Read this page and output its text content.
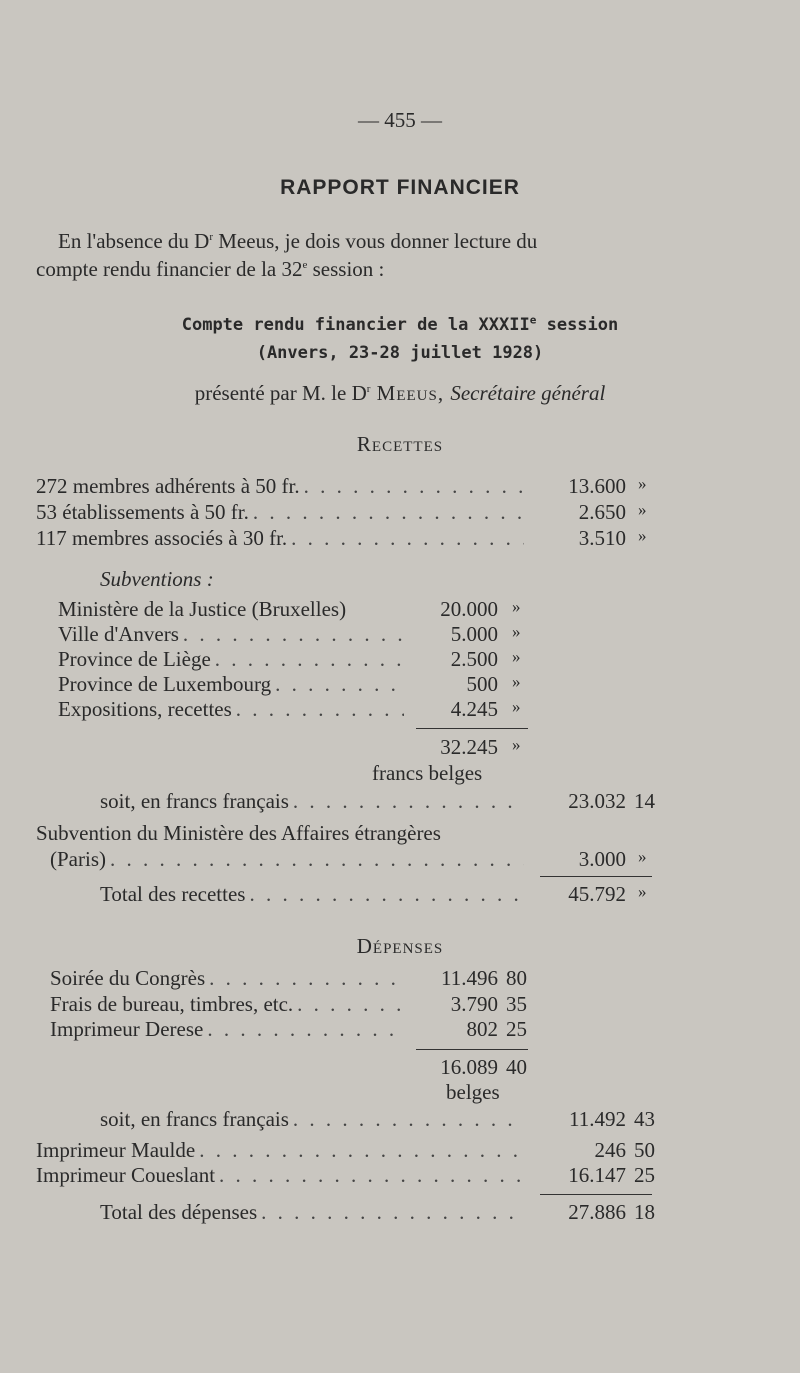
— 455 —
RAPPORT FINANCIER
En l'absence du $D^r$ Meeus, je dois vous donner lecture du
compte rendu financier de la 32e session :
Compte rendu financier de la XXXIIe session
(Anvers, 23-28 juillet 1928)
présenté par M. le $D^r$ Meeus, Secrétaire général
Recettes
272 membres adhérents à 50 fr. . . .	13.600 »
53 établissements à 50 fr. . . .	2.650 »
117 membres associés à 30 fr. . . .	3.510 »
Subventions :
Ministère de la Justice (Bruxelles)	20.000 »
Ville d'Anvers . . .	5.000 »
Province de Liège . . .	2.500 »
Province de Luxembourg . . .	500 »
Expositions, recettes . . .	4.245 »
32.245 »
francs belges
soit, en francs français . . .	23.032 14
Subvention du Ministère des Affaires étrangères
(Paris) . . .	3.000 »
Total des recettes . . .	45.792 »
Dépenses
Soirée du Congrès . . .	11.496 80
Frais de bureau, timbres, etc. . . .	3.790 35
Imprimeur Derese . . .	802 25
16.089 40
belges
soit, en francs français . . .	11.492 43
Imprimeur Maulde . . .	246 50
Imprimeur Coueslant . . .	16.147 25
Total des dépenses . . .	27.886 18
